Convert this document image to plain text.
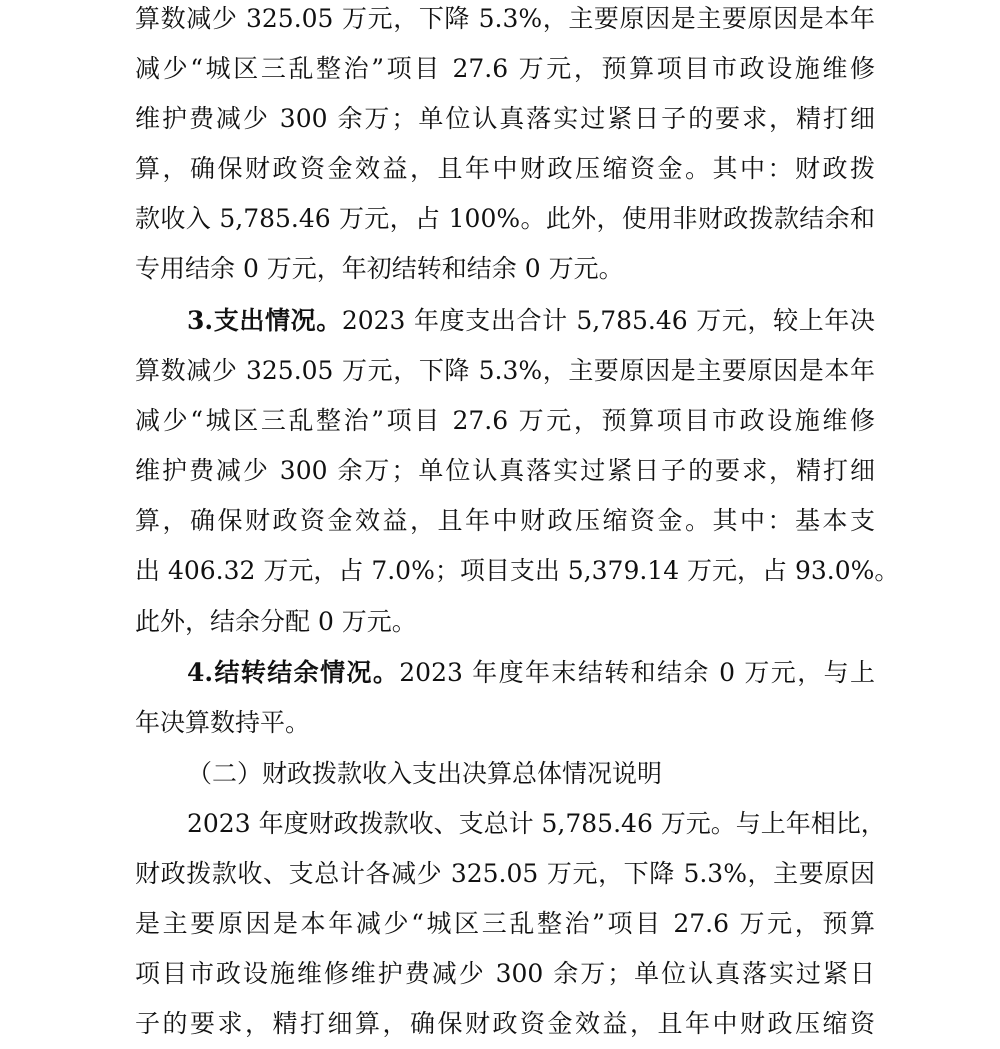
算数减少 325.05 万元，下降 5.3%，主要原因是主要原因是本年
减少“城区三乱整治”项目 27.6 万元，预算项目市政设施维修
维护费减少 300 余万；单位认真落实过紧日子的要求，精打细
算，确保财政资金效益，且年中财政压缩资金。其中：财政拨
款收入 5,785.46 万元，占 100%。此外，使用非财政拨款结余和
专用结余 0 万元，年初结转和结余 0 万元。
3.支出情况。2023 年度支出合计 5,785.46 万元，较上年决
算数减少 325.05 万元，下降 5.3%，主要原因是主要原因是本年
减少“城区三乱整治”项目 27.6 万元，预算项目市政设施维修
维护费减少 300 余万；单位认真落实过紧日子的要求，精打细
算，确保财政资金效益，且年中财政压缩资金。其中：基本支
出 406.32 万元，占 7.0%；项目支出 5,379.14 万元，占 93.0%。
此外，结余分配 0 万元。
4.结转结余情况。2023 年度年末结转和结余 0 万元，与上
年决算数持平。
（二）财政拨款收入支出决算总体情况说明
2023 年度财政拨款收、支总计 5,785.46 万元。与上年相比，
财政拨款收、支总计各减少 325.05 万元，下降 5.3%，主要原因
是主要原因是本年减少“城区三乱整治”项目 27.6 万元，预算
项目市政设施维修维护费减少 300 余万；单位认真落实过紧日
子的要求，精打细算，确保财政资金效益，且年中财政压缩资
